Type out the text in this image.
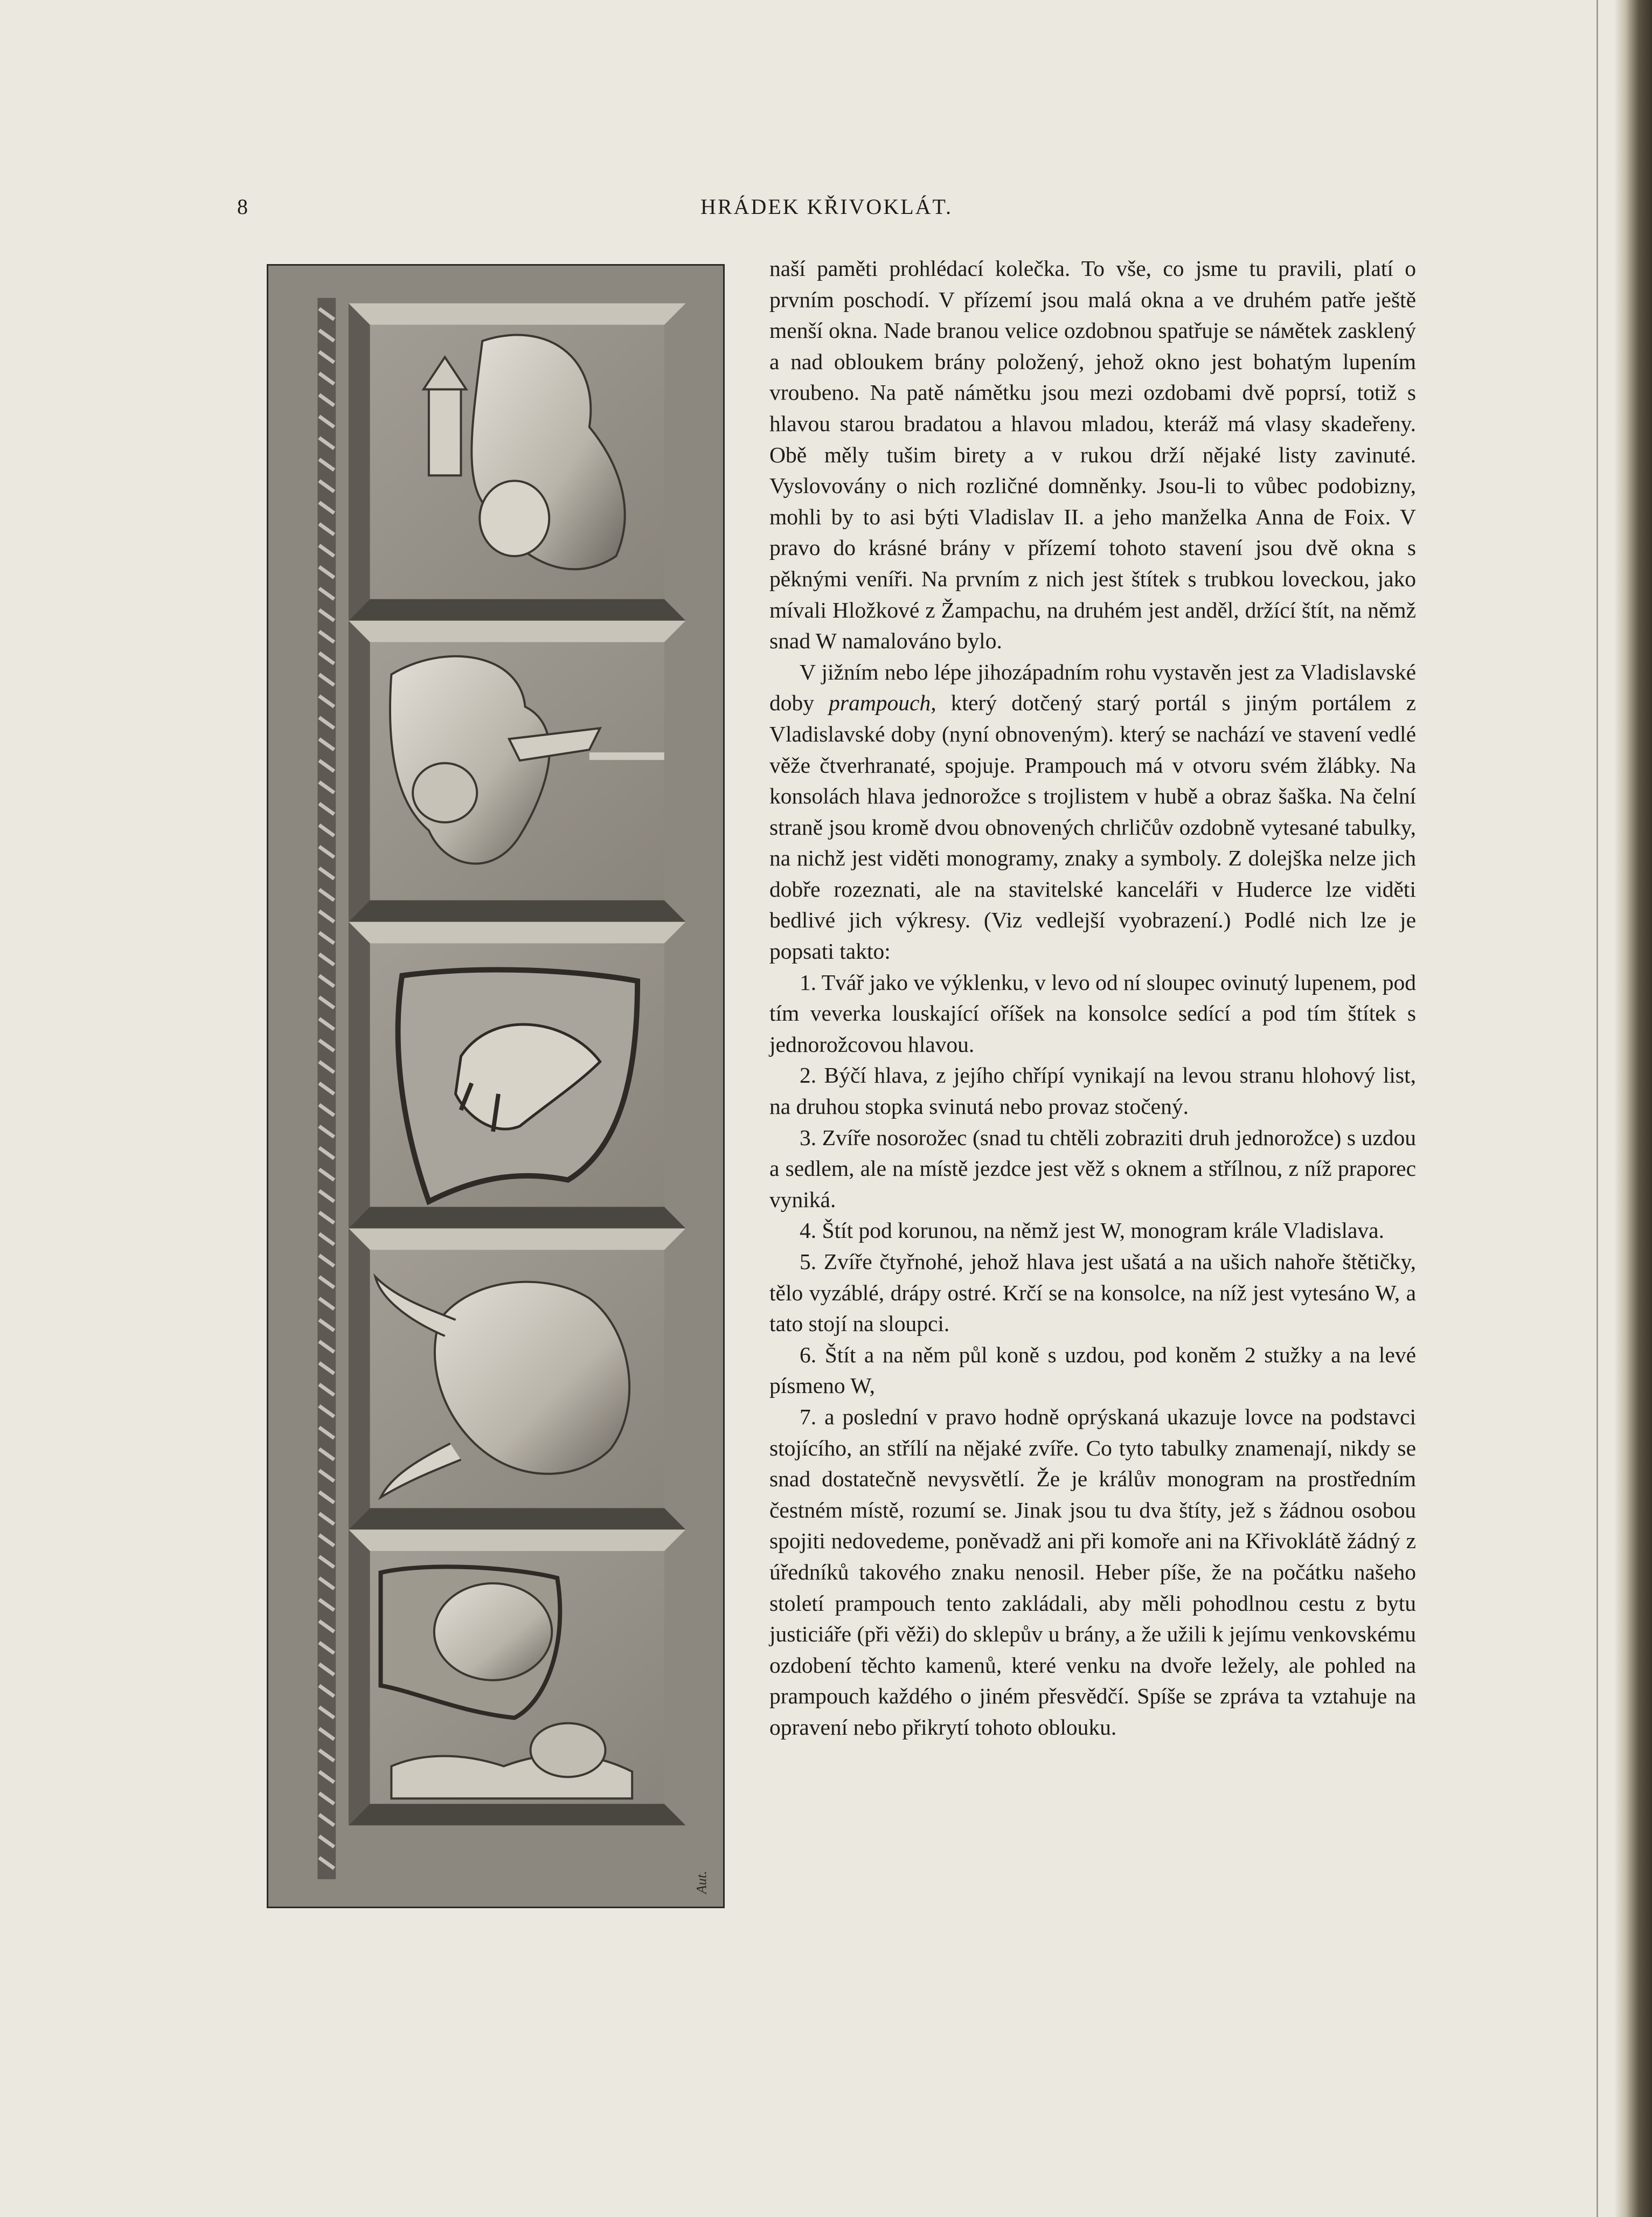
8	HRÁDEK KŘIVOKLÁT.
Aut.

naší paměti prohlédací kolečka. To vše, co jsme tu pravili, platí o prvním poschodí. V přízemí jsou malá okna a ve druhém patře ještě menší okna. Nade branou velice ozdobnou spatřuje se náмětek zasklený a nad obloukem brány položený, jehož okno jest bohatým lupením vroubeno. Na patě námětku jsou mezi ozdobami dvě poprsí, totiž s hlavou starou bradatou a hlavou mladou, kteráž má vlasy skadeřeny. Obě měly tušim birety a v rukou drží nějaké listy zavinuté. Vyslovovány o nich rozličné domněnky. Jsou-li to vůbec podobizny, mohli by to asi býti Vladislav II. a jeho manželka Anna de Foix. V pravo do krásné brány v přízemí tohoto stavení jsou dvě okna s pěknými veníři. Na prvním z nich jest štítek s trubkou loveckou, jako mívali Hložkové z Žampachu, na druhém jest anděl, držící štít, na němž snad W namalováno bylo.

V jižním nebo lépe jihozápadním rohu vystavěn jest za Vladislavské doby prampouch, který dotčený starý portál s jiným portálem z Vladislavské doby (nyní obnoveným). který se nachází ve stavení vedlé věže čtverhranaté, spojuje. Prampouch má v otvoru svém žlábky. Na konsolách hlava jednorožce s trojlistem v hubě a obraz šaška. Na čelní straně jsou kromě dvou obnovených chrličův ozdobně vytesané tabulky, na nichž jest viděti monogramy, znaky a symboly. Z dolejška nelze jich dobře rozeznati, ale na stavitelské kanceláři v Huderce lze viděti bedlivé jich výkresy. (Viz vedlejší vyobrazení.) Podlé nich lze je popsati takto:

1. Tvář jako ve výklenku, v levo od ní sloupec ovinutý lupenem, pod tím veverka louskající oříšek na konsolce sedící a pod tím štítek s jednorožcovou hlavou.

2. Býčí hlava, z jejího chřípí vynikají na levou stranu hlohový list, na druhou stopka svinutá nebo provaz stočený.

3. Zvíře nosorožec (snad tu chtěli zobraziti druh jednorožce) s uzdou a sedlem, ale na místě jezdce jest věž s oknem a střílnou, z níž praporec vyniká.

4. Štít pod korunou, na němž jest W, monogram krále Vladislava.

5. Zvíře čtyřnohé, jehož hlava jest ušatá a na ušich nahoře štětičky, tělo vyzáblé, drápy ostré. Krčí se na konsolce, na níž jest vytesáno W, a tato stojí na sloupci.

6. Štít a na něm půl koně s uzdou, pod koněm 2 stužky a na levé písmeno W,

7. a poslední v pravo hodně oprýskaná ukazuje lovce na podstavci stojícího, an střílí na nějaké zvíře. Co tyto tabulky znamenají, nikdy se snad dostatečně nevysvětlí. Že je králův monogram na prostředním čestném místě, rozumí se. Jinak jsou tu dva štíty, jež s žádnou osobou spojiti nedovedeme, poněvadž ani při komoře ani na Křivoklátě žádný z úředníků takového znaku nenosil. Heber píše, že na počátku našeho století prampouch tento zakládali, aby měli pohodlnou cestu z bytu justiciáře (při věži) do sklepův u brány, a že užili k jejímu venkovskému ozdobení těchto kamenů, které venku na dvoře ležely, ale pohled na prampouch každého o jiném přesvědčí. Spíše se zpráva ta vztahuje na opravení nebo přikrytí tohoto oblouku.
